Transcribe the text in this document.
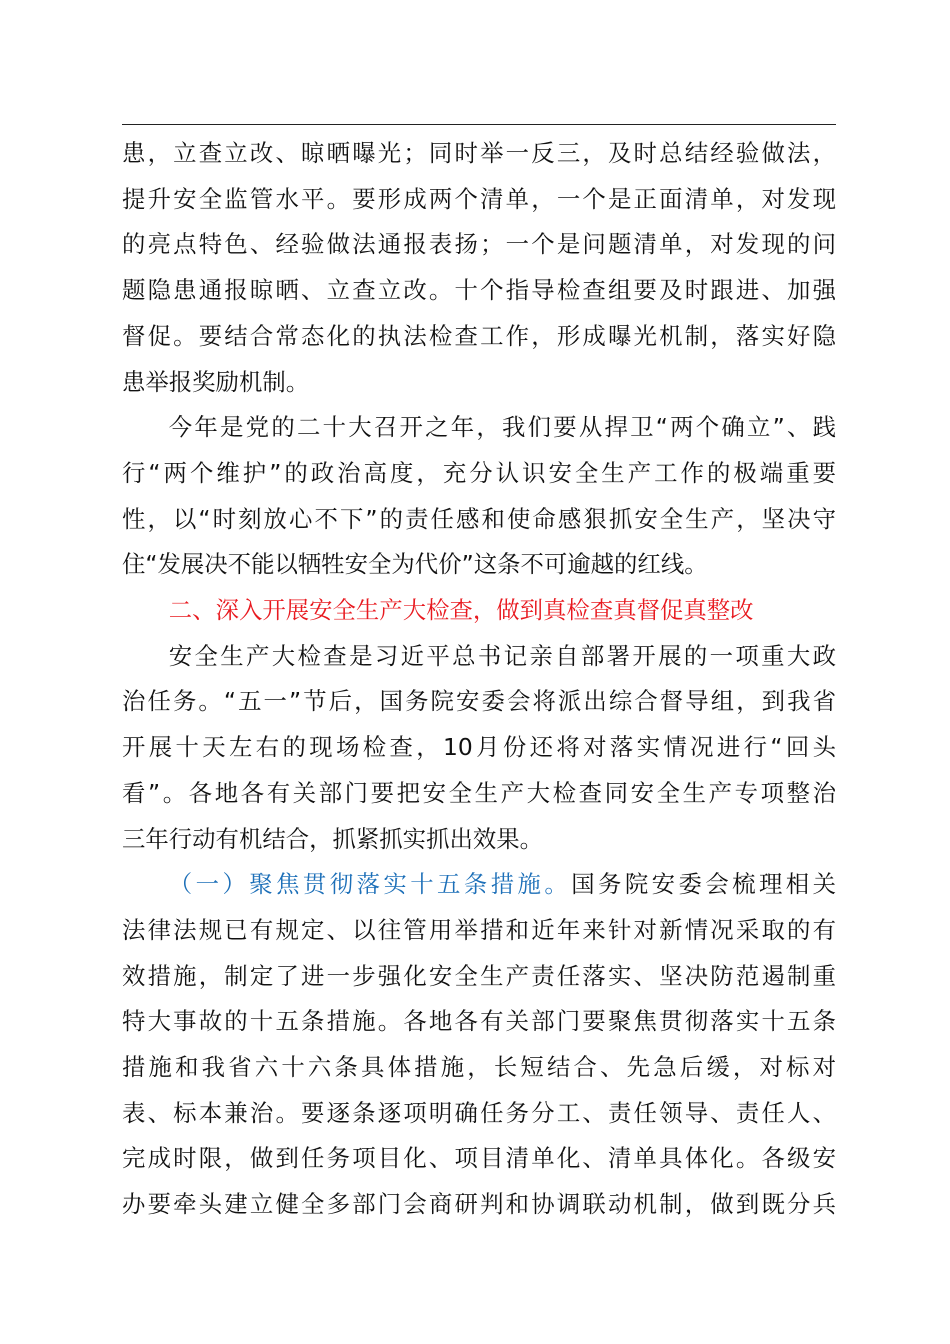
患，立查立改、晾晒曝光；同时举一反三，及时总结经验做法，

提升安全监管水平。要形成两个清单，一个是正面清单，对发现

的亮点特色、经验做法通报表扬；一个是问题清单，对发现的问

题隐患通报晾晒、立查立改。十个指导检查组要及时跟进、加强

督促。要结合常态化的执法检查工作，形成曝光机制，落实好隐

患举报奖励机制。

今年是党的二十大召开之年，我们要从捍卫“两个确立”、践

行“两个维护”的政治高度，充分认识安全生产工作的极端重要

性，以“时刻放心不下”的责任感和使命感狠抓安全生产，坚决守

住“发展决不能以牺牲安全为代价”这条不可逾越的红线。

二、深入开展安全生产大检查，做到真检查真督促真整改

安全生产大检查是习近平总书记亲自部署开展的一项重大政

治任务。“五一”节后，国务院安委会将派出综合督导组，到我省

开展十天左右的现场检查，10月份还将对落实情况进行“回头

看”。各地各有关部门要把安全生产大检查同安全生产专项整治

三年行动有机结合，抓紧抓实抓出效果。

（一）聚焦贯彻落实十五条措施。国务院安委会梳理相关

法律法规已有规定、以往管用举措和近年来针对新情况采取的有

效措施，制定了进一步强化安全生产责任落实、坚决防范遏制重

特大事故的十五条措施。各地各有关部门要聚焦贯彻落实十五条

措施和我省六十六条具体措施，长短结合、先急后缓，对标对

表、标本兼治。要逐条逐项明确任务分工、责任领导、责任人、

完成时限，做到任务项目化、项目清单化、清单具体化。各级安

办要牵头建立健全多部门会商研判和协调联动机制，做到既分兵
